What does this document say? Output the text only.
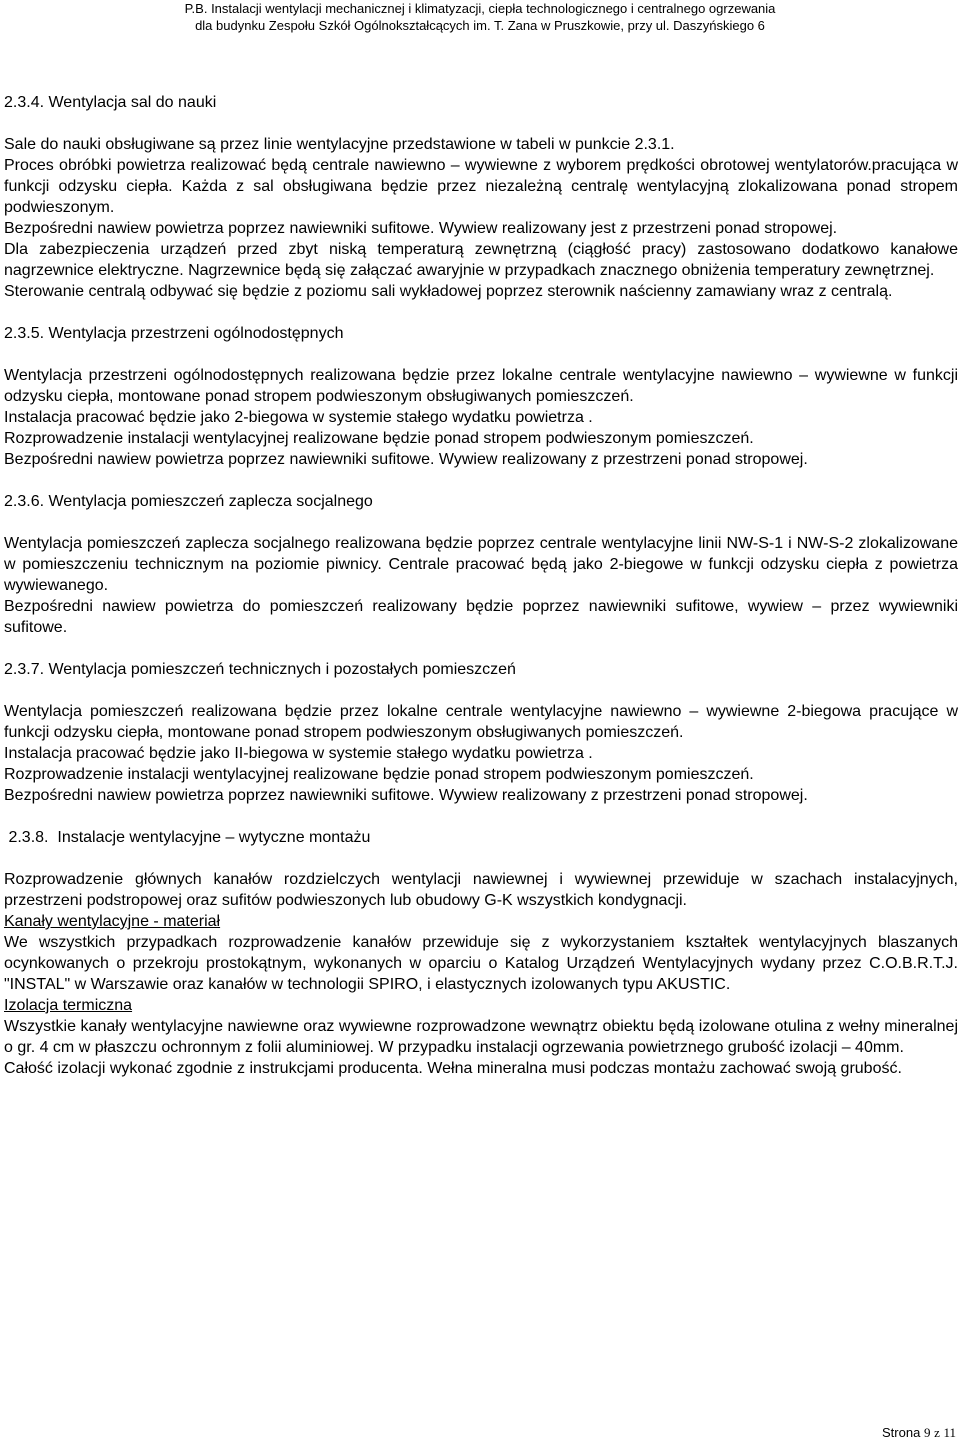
P.B. Instalacji wentylacji mechanicznej i klimatyzacji, ciepła technologicznego i centralnego ogrzewania
dla budynku Zespołu Szkół Ogólnokształcących im. T. Zana w Pruszkowie, przy ul. Daszyńskiego 6

2.3.4. Wentylacja sal do nauki

Sale do nauki obsługiwane są przez linie wentylacyjne przedstawione w tabeli w punkcie 2.3.1.

Proces obróbki powietrza realizować będą centrale nawiewno – wywiewne z wyborem prędkości obrotowej wentylatorów.pracująca w funkcji odzysku ciepła. Każda z sal obsługiwana będzie przez niezależną centralę wentylacyjną zlokalizowana ponad stropem podwieszonym.

Bezpośredni nawiew powietrza poprzez nawiewniki sufitowe. Wywiew realizowany jest z przestrzeni ponad stropowej.

Dla zabezpieczenia urządzeń przed zbyt niską temperaturą zewnętrzną (ciągłość pracy) zastosowano dodatkowo kanałowe nagrzewnice elektryczne. Nagrzewnice będą się załączać awaryjnie w przypadkach znacznego obniżenia temperatury zewnętrznej.

Sterowanie centralą odbywać się będzie z poziomu sali wykładowej poprzez sterownik naścienny zamawiany wraz z centralą.

2.3.5. Wentylacja przestrzeni ogólnodostępnych

Wentylacja przestrzeni ogólnodostępnych realizowana będzie przez lokalne centrale wentylacyjne nawiewno – wywiewne w funkcji odzysku ciepła, montowane ponad stropem podwieszonym obsługiwanych pomieszczeń.

Instalacja pracować będzie jako 2-biegowa w systemie stałego wydatku powietrza .

Rozprowadzenie instalacji wentylacyjnej realizowane będzie ponad stropem podwieszonym pomieszczeń.

Bezpośredni nawiew powietrza poprzez nawiewniki sufitowe. Wywiew realizowany z przestrzeni ponad stropowej.

2.3.6. Wentylacja pomieszczeń zaplecza socjalnego

Wentylacja pomieszczeń zaplecza socjalnego realizowana będzie poprzez centrale wentylacyjne linii NW-S-1 i NW-S-2 zlokalizowane w pomieszczeniu technicznym na poziomie piwnicy. Centrale pracować będą jako 2-biegowe w funkcji odzysku ciepła z powietrza wywiewanego.

Bezpośredni nawiew powietrza do pomieszczeń realizowany będzie poprzez nawiewniki sufitowe, wywiew – przez wywiewniki sufitowe.

2.3.7. Wentylacja pomieszczeń technicznych i pozostałych pomieszczeń

Wentylacja pomieszczeń realizowana będzie przez lokalne centrale wentylacyjne nawiewno – wywiewne 2-biegowa pracujące w funkcji odzysku ciepła, montowane ponad stropem podwieszonym obsługiwanych pomieszczeń.

Instalacja pracować będzie jako II-biegowa w systemie stałego wydatku powietrza .

Rozprowadzenie instalacji wentylacyjnej realizowane będzie ponad stropem podwieszonym pomieszczeń.

Bezpośredni nawiew powietrza poprzez nawiewniki sufitowe. Wywiew realizowany z przestrzeni ponad stropowej.

2.3.8.  Instalacje wentylacyjne – wytyczne montażu

Rozprowadzenie głównych kanałów rozdzielczych wentylacji nawiewnej i wywiewnej przewiduje w szachach instalacyjnych, przestrzeni podstropowej oraz sufitów podwieszonych lub obudowy G-K wszystkich kondygnacji.

Kanały wentylacyjne - materiał

We wszystkich przypadkach rozprowadzenie kanałów przewiduje się z wykorzystaniem kształtek wentylacyjnych blaszanych ocynkowanych o przekroju prostokątnym, wykonanych w oparciu o Katalog Urządzeń Wentylacyjnych wydany przez C.O.B.R.T.J. "INSTAL" w Warszawie oraz kanałów w technologii SPIRO, i elastycznych izolowanych typu AKUSTIC.

Izolacja termiczna

Wszystkie kanały wentylacyjne nawiewne oraz wywiewne rozprowadzone wewnątrz obiektu będą izolowane otulina z wełny mineralnej o gr. 4 cm w płaszczu ochronnym z folii aluminiowej. W przypadku instalacji ogrzewania powietrznego grubość izolacji – 40mm.

Całość izolacji wykonać zgodnie z instrukcjami producenta. Wełna mineralna musi podczas montażu zachować swoją grubość.

Strona 9 z 11
